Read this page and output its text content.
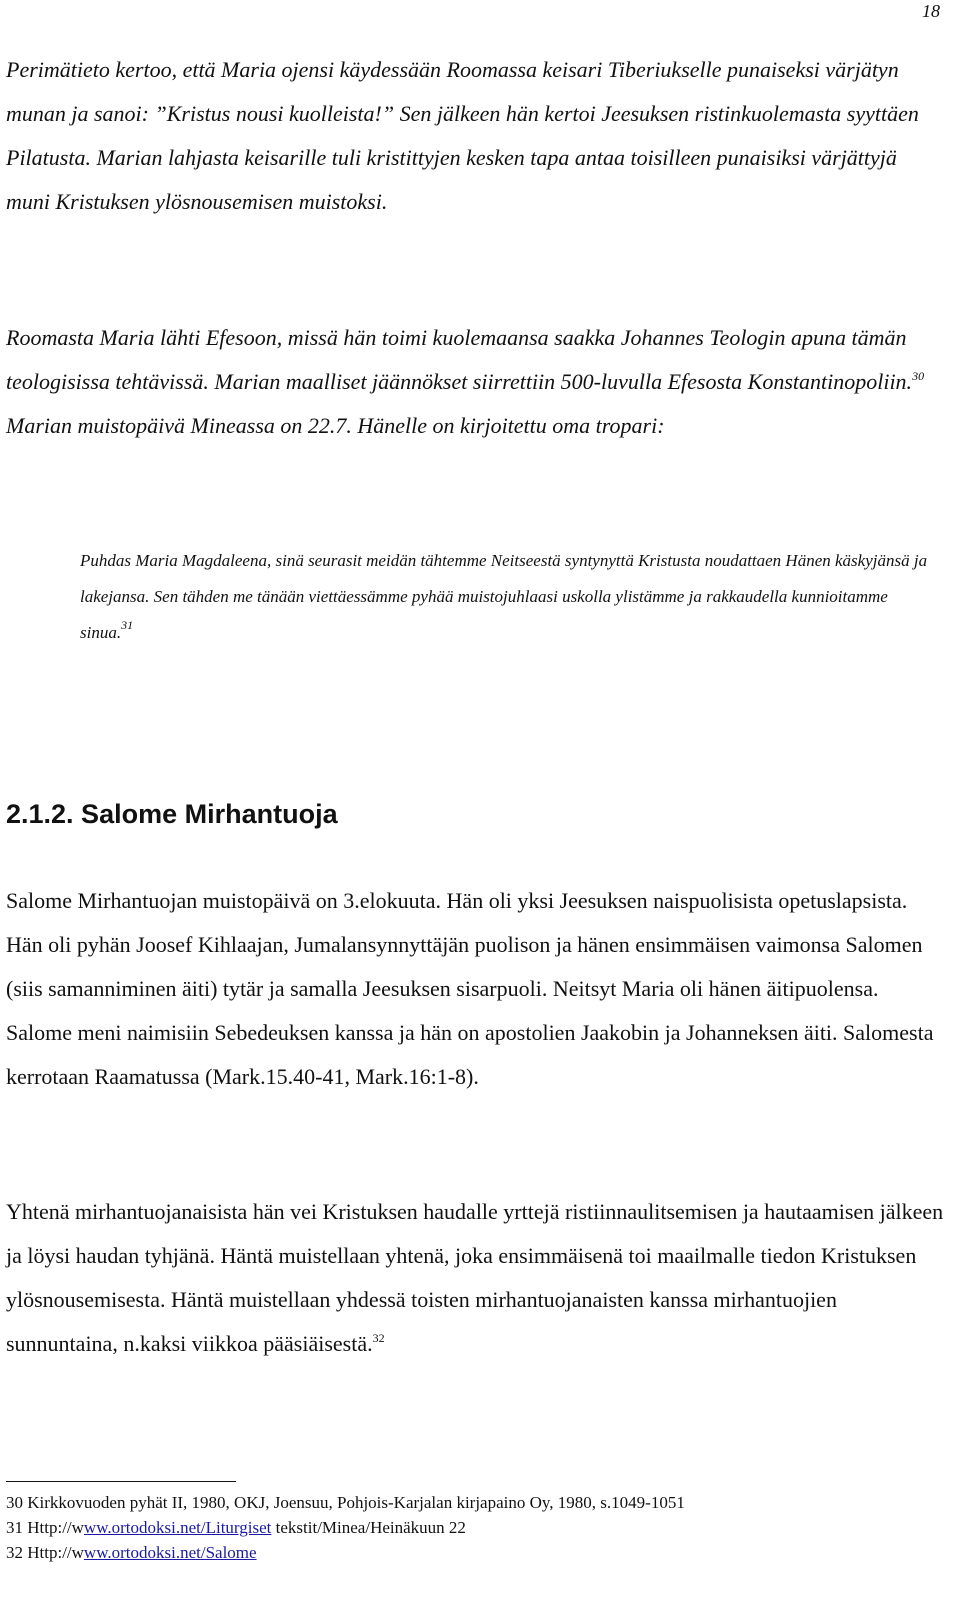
18

Perimätieto kertoo, että Maria ojensi käydessään Roomassa keisari Tiberiukselle punaiseksi värjätyn munan ja sanoi: ”Kristus nousi kuolleista!” Sen jälkeen hän kertoi Jeesuksen ristinkuolemasta syyttäen Pilatusta. Marian lahjasta keisarille tuli kristittyjen kesken tapa antaa toisilleen punaisiksi värjättyjä muni Kristuksen ylösnousemisen muistoksi.

Roomasta Maria lähti Efesoon, missä hän toimi kuolemaansa saakka Johannes Teologin apuna tämän teologisissa tehtävissä. Marian maalliset jäännökset siirrettiin 500-luvulla Efesosta Konstantinopoliin.$^{30}$ Marian muistopäivä Mineassa on 22.7. Hänelle on kirjoitettu oma tropari:

Puhdas Maria Magdaleena, sinä seurasit meidän tähtemme Neitseestä syntynyttä Kristusta noudattaen Hänen käskyjänsä ja lakejansa. Sen tähden me tänään viettäessämme pyhää muistojuhlaasi uskolla ylistämme ja rakkaudella kunnioitamme sinua.$^{31}$

2.1.2. Salome Mirhantuoja

Salome Mirhantuojan muistopäivä on 3.elokuuta. Hän oli yksi Jeesuksen naispuolisista opetuslapsista. Hän oli pyhän Joosef Kihlaajan, Jumalansynnyttäjän puolison ja hänen ensimmäisen vaimonsa Salomen (siis samanniminen äiti) tytär ja samalla Jeesuksen sisarpuoli. Neitsyt Maria oli hänen äitipuolensa. Salome meni naimisiin Sebedeuksen kanssa ja hän on apostolien Jaakobin ja Johanneksen äiti. Salomesta kerrotaan Raamatussa (Mark.15.40-41, Mark.16:1-8).

Yhtenä mirhantuojanaisista hän vei Kristuksen haudalle yrttejä ristiinnaulitsemisen ja hautaamisen jälkeen ja löysi haudan tyhjänä. Häntä muistellaan yhtenä, joka ensimmäisenä toi maailmalle tiedon Kristuksen ylösnousemisesta. Häntä muistellaan yhdessä toisten mirhantuojanaisten kanssa mirhantuojien sunnuntaina, n.kaksi viikkoa pääsiäisestä.$^{32}$

30 Kirkkovuoden pyhät II, 1980, OKJ, Joensuu, Pohjois-Karjalan kirjapaino Oy, 1980, s.1049-1051
31 Http://www.ortodoksi.net/Liturgiset tekstit/Minea/Heinäkuun 22
32 Http://www.ortodoksi.net/Salome
